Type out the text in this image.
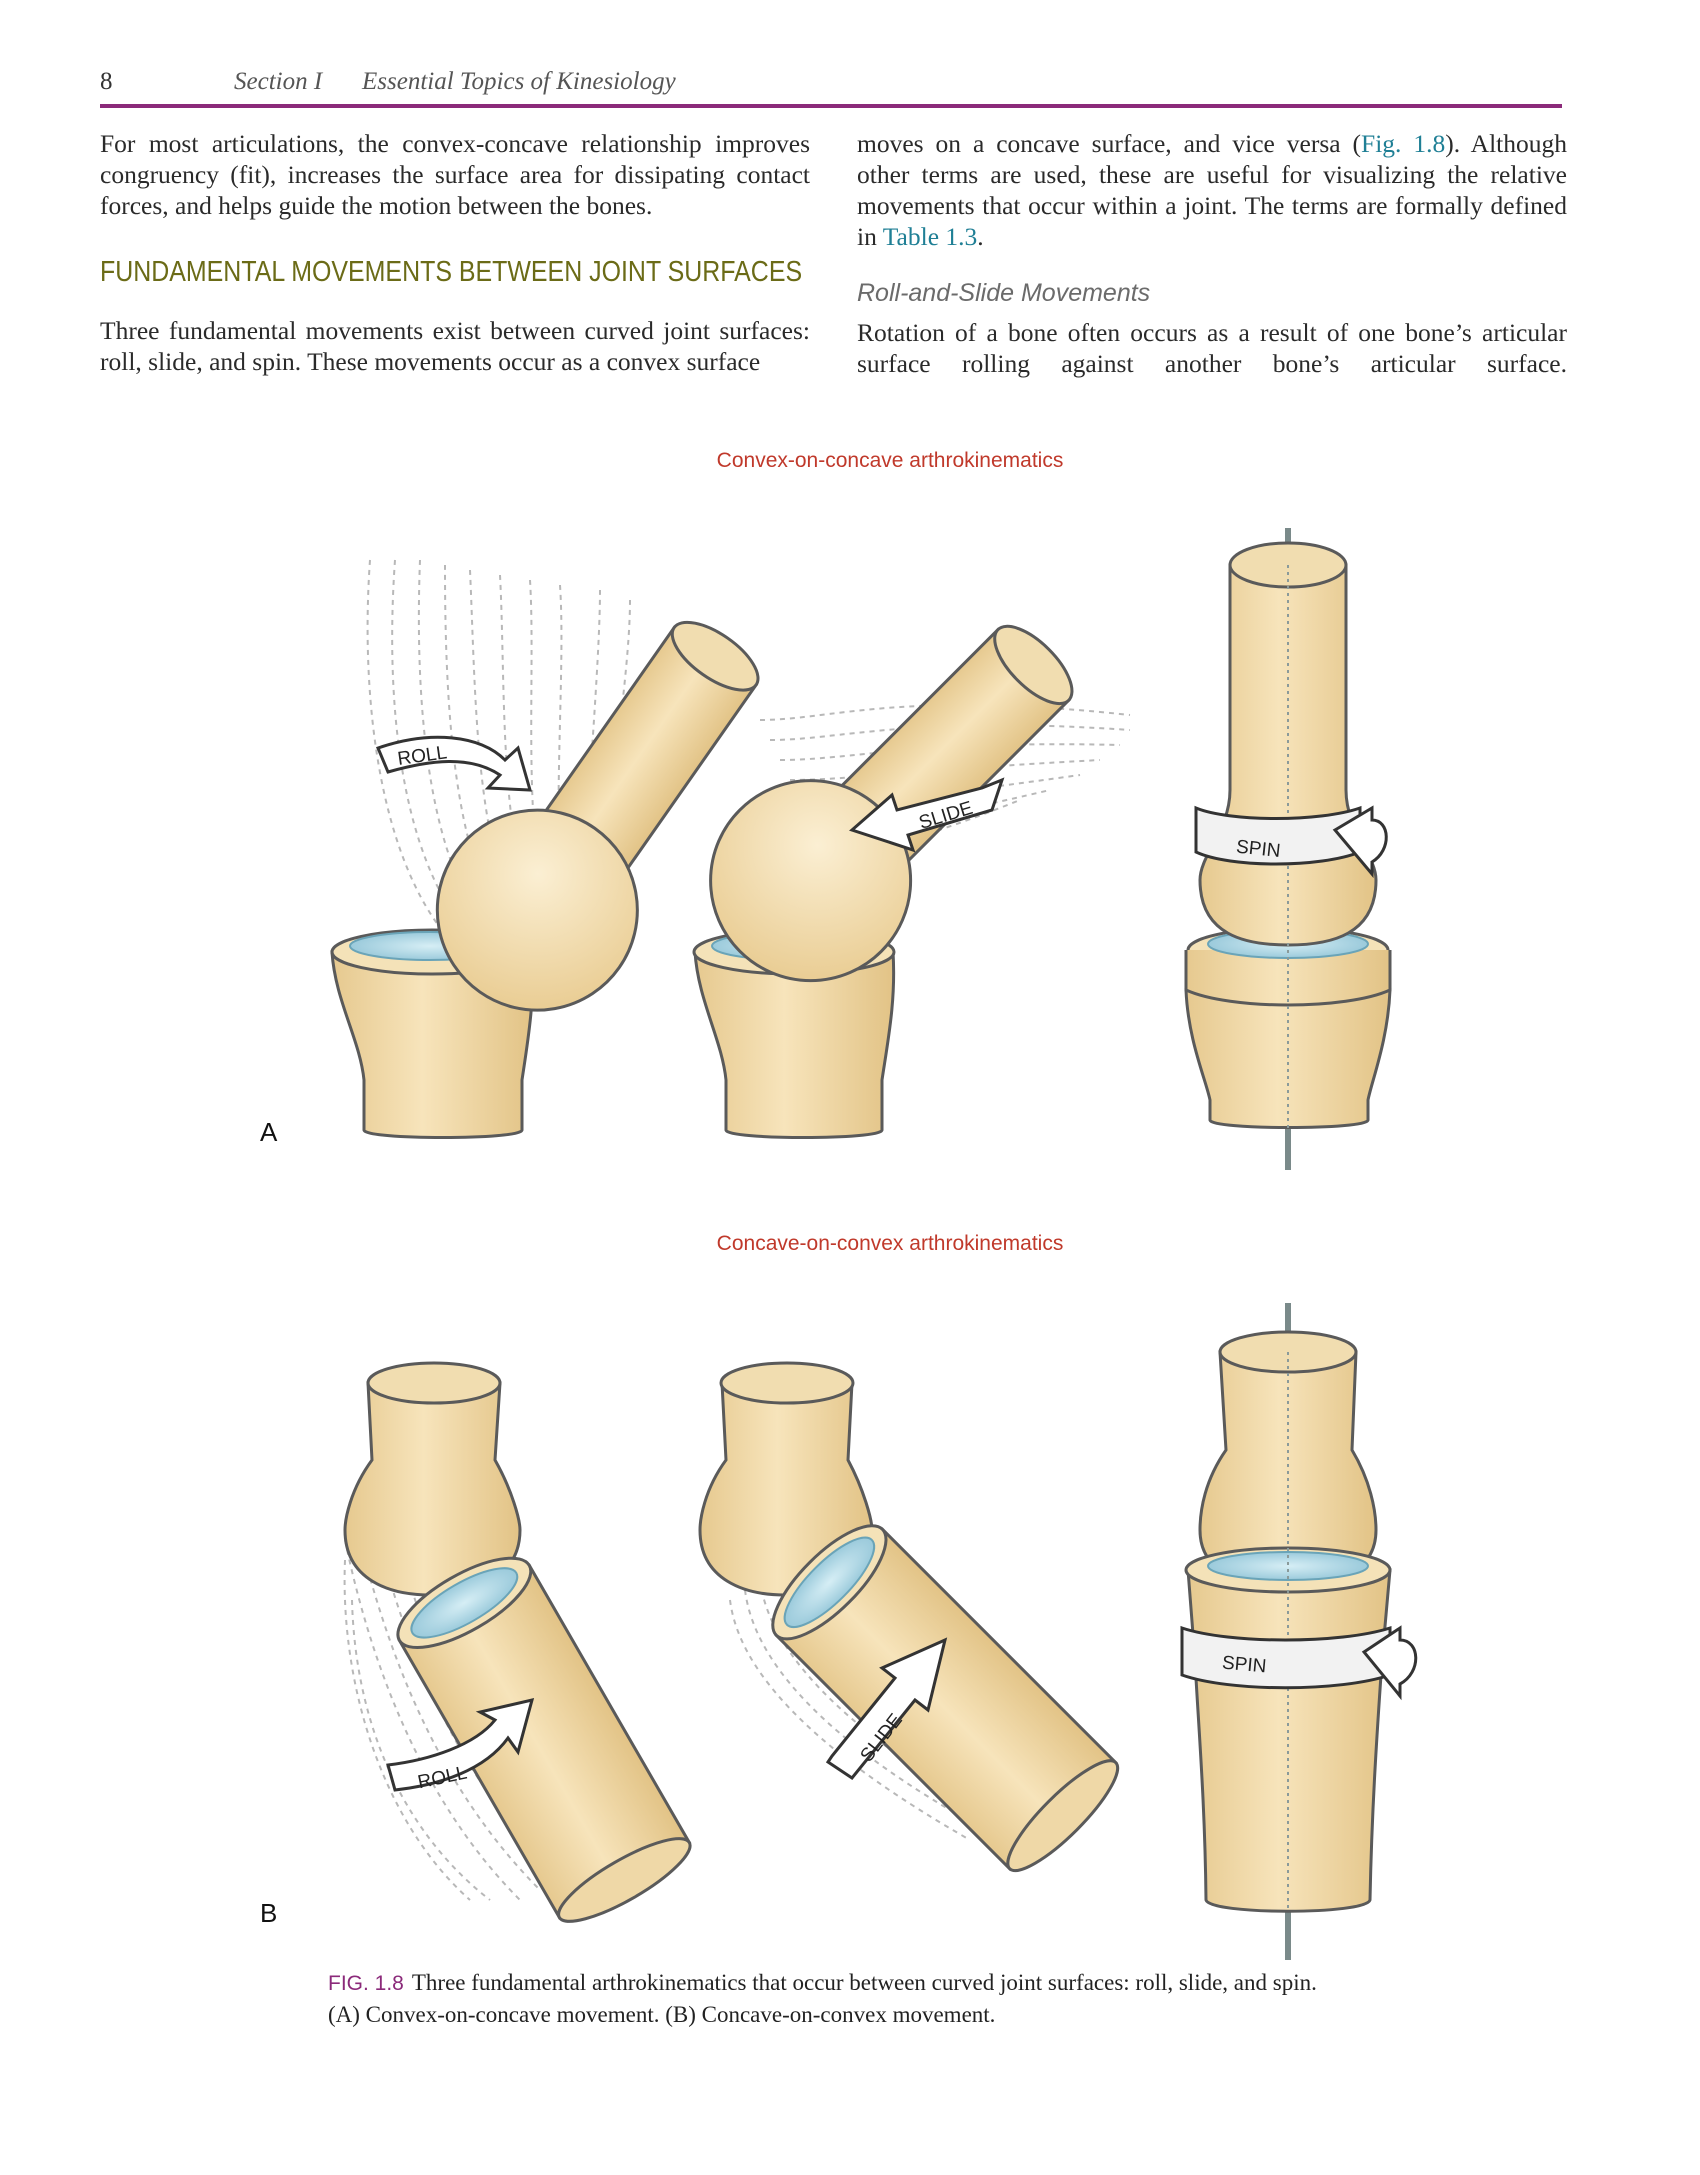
8	Section I Essential Topics of Kinesiology

For most articulations, the convex-concave relationship improves congruency (fit), increases the surface area for dissipating contact forces, and helps guide the motion between the bones.

FUNDAMENTAL MOVEMENTS BETWEEN JOINT SURFACES

Three fundamental movements exist between curved joint surfaces: roll, slide, and spin. These movements occur as a convex surface

moves on a concave surface, and vice versa (Fig. 1.8). Although other terms are used, these are useful for visualizing the relative movements that occur within a joint. The terms are formally defined in Table 1.3.

Roll-and-Slide Movements

Rotation of a bone often occurs as a result of one bone’s articular surface rolling against another bone’s articular surface.

Convex-on-concave arthrokinematics
Concave-on-convex arthrokinematics
ROLL
SLIDE
SPIN
ROLL
SLIDE
SPIN
A
B
FIG. 1.8 Three fundamental arthrokinematics that occur between curved joint surfaces: roll, slide, and spin.
(A) Convex-on-concave movement. (B) Concave-on-convex movement.
